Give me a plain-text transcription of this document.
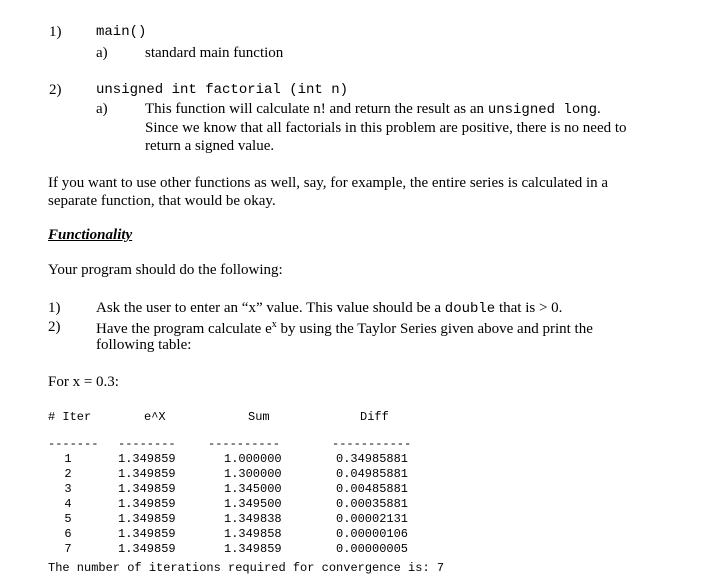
1) main()
a) standard main function
2) unsigned int factorial (int n)
a) This function will calculate n! and return the result as an unsigned long.
Since we know that all factorials in this problem are positive, there is no need to
return a signed value.
If you want to use other functions as well, say, for example, the entire series is calculated in a
separate function, that would be okay.
Functionality
Your program should do the following:
1) Ask the user to enter an “x” value. This value should be a double that is > 0.
2) Have the program calculate $e^x$ by using the Taylor Series given above and print the
following table:
For x = 0.3:
# Iter
-------
1
2
3
4
5
6
7
e^X
--------
1.349859
1.349859
1.349859
1.349859
1.349859
1.349859
1.349859
Sum
----------
1.000000
1.300000
1.345000
1.349500
1.349838
1.349858
1.349859
Diff
-----------
0.34985881
0.04985881
0.00485881
0.00035881
0.00002131
0.00000106
0.00000005
The number of iterations required for convergence is: 7
